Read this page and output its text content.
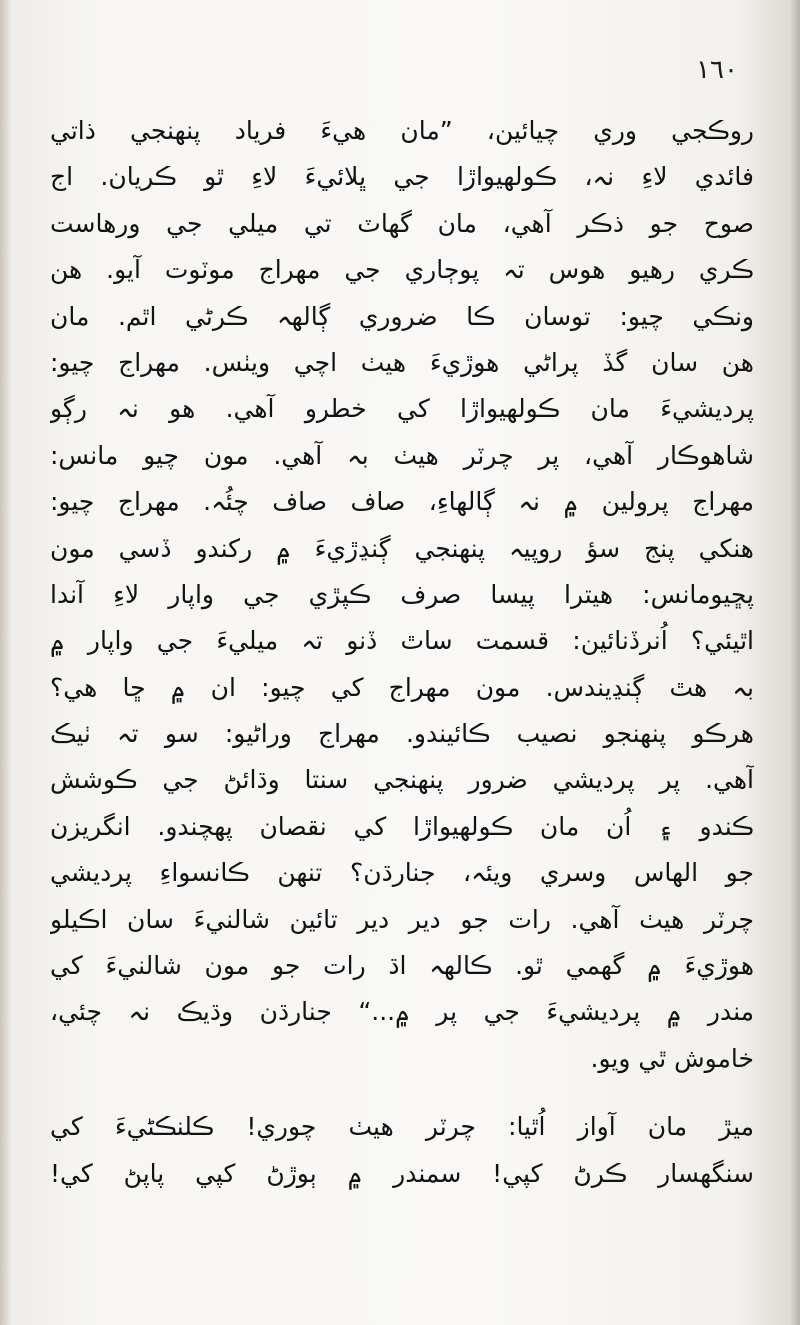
١٦٠
روڪجي وري چيائين، ”مان هيءَ فرياد پنهنجي ذاتي
فائدي لاءِ نہ، ڪولهيواڙا جي ڀلائيءَ لاءِ ٿو ڪريان. اج
صوح جو ذڪر آهي، مان گهاٽ تي ميلي جي ورهاست
ڪري رهيو هوس تہ پوڄاري جي مهراج موٽوت آيو. هن
ونڪي چيو: توسان ڪا ضروري ڳالهہ ڪرڻي اٿم. مان
هن سان گڏ پراڻي هوڙيءَ هيٺ اچي ويٺس. مهراج چيو:
پرديشيءَ مان ڪولهيواڙا کي خطرو آهي. هو نہ رڳو
شاهوڪار آهي، پر چرٽر هيٺ بہ آهي. مون چيو مانس:
مهراج پرولين ۾ نہ ڳالهاءِ، صاف صاف چئُہ. مهراج چيو:
هنکي پنج سؤ روپيہ پنهنجي ڳنڍڙيءَ ۾ رکندو ڏسي مون
پڇيومانس: هيترا پيسا صرف ڪپڙي جي واپار لاءِ آندا
اٿيئي؟ اُنرڏنائين: قسمت ساٿ ڏنو تہ ميليءَ جي واپار ۾
بہ هٿ ڳنڍيندس. مون مهراج کي چيو: ان ۾ ڇا هي؟
هرڪو پنهنجو نصيب ڪائيندو. مهراج وراڻيو: سو تہ ٺيڪ
آهي. پر پرديشي ضرور پنهنجي سنتا وڌائڻ جي ڪوشش
ڪندو ۽ اُن مان ڪولهيواڙا کي نقصان پهچندو. انگريزن
جو الهاس وسري ويئہ، جنارڌن؟ تنهن ڪانسواءِ پرديشي
چرٽر هيٺ آهي. رات جو دير دير تائين شالنيءَ سان اڪيلو
هوڙيءَ ۾ گهمي ٿو. ڪالهہ اڌ رات جو مون شالنيءَ کي
مندر ۾ پرديشيءَ جي پر ۾...“ جنارڌن وڌيڪ نہ چئي،
خاموش ٿي ويو.
ميڙ مان آواز اُٿيا: چرٽر هيٺ چوري! ڪلنڪڻيءَ کي
سنگهسار ڪرڻ کپي! سمندر ۾ ٻوڙڻ کپي پاپڻ کي!
